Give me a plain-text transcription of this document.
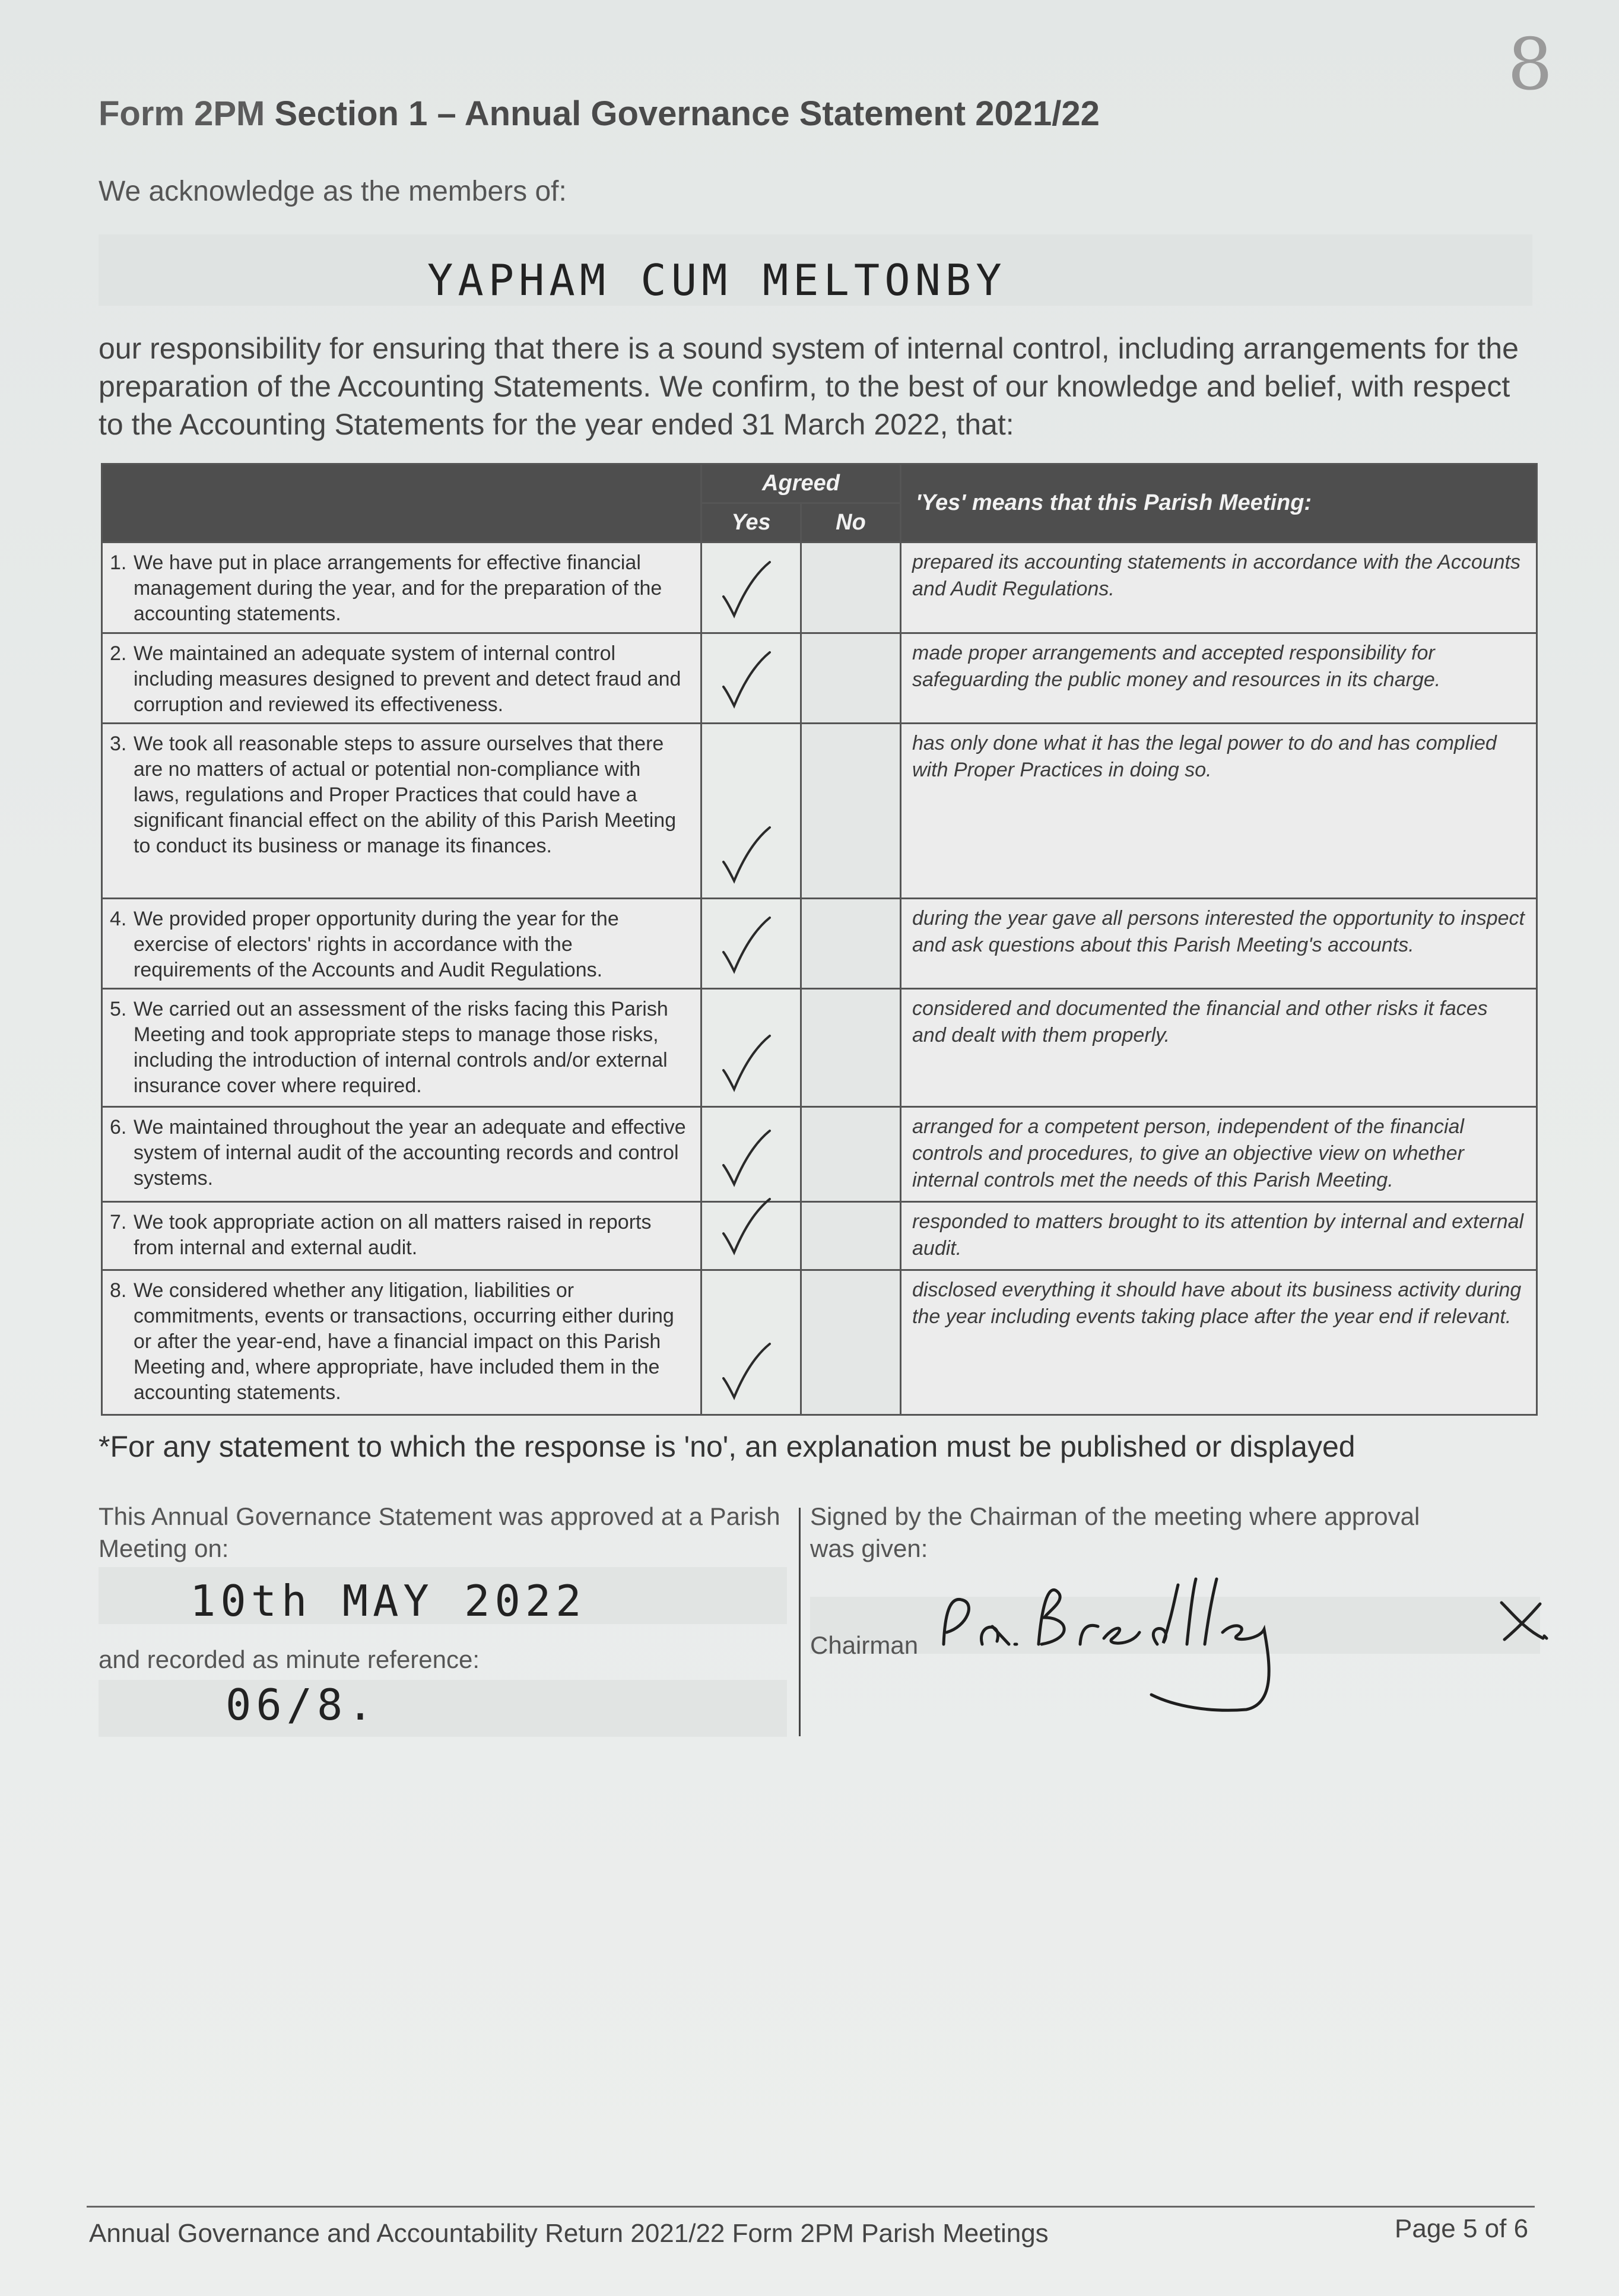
8
Form 2PM Section 1 – Annual Governance Statement 2021/22
We acknowledge as the members of:
YAPHAM CUM MELTONBY
our responsibility for ensuring that there is a sound system of internal control, including arrangements for the preparation of the Accounting Statements. We confirm, to the best of our knowledge and belief, with respect to the Accounting Statements for the year ended 31 March 2022, that:
	Agreed		'Yes' means that this Parish Meeting:
	Yes	No	
1. We have put in place arrangements for effective financial management during the year, and for the preparation of the accounting statements.			prepared its accounting statements in accordance with the Accounts and Audit Regulations.
2. We maintained an adequate system of internal control including measures designed to prevent and detect fraud and corruption and reviewed its effectiveness.			made proper arrangements and accepted responsibility for safeguarding the public money and resources in its charge.
3. We took all reasonable steps to assure ourselves that there are no matters of actual or potential non-compliance with laws, regulations and Proper Practices that could have a significant financial effect on the ability of this Parish Meeting to conduct its business or manage its finances.			has only done what it has the legal power to do and has complied with Proper Practices in doing so.
4. We provided proper opportunity during the year for the exercise of electors' rights in accordance with the requirements of the Accounts and Audit Regulations.			during the year gave all persons interested the opportunity to inspect and ask questions about this Parish Meeting's accounts.
5. We carried out an assessment of the risks facing this Parish Meeting and took appropriate steps to manage those risks, including the introduction of internal controls and/or external insurance cover where required.			considered and documented the financial and other risks it faces and dealt with them properly.
6. We maintained throughout the year an adequate and effective system of internal audit of the accounting records and control systems.			arranged for a competent person, independent of the financial controls and procedures, to give an objective view on whether internal controls met the needs of this Parish Meeting.
7. We took appropriate action on all matters raised in reports from internal and external audit.			responded to matters brought to its attention by internal and external audit.
8. We considered whether any litigation, liabilities or commitments, events or transactions, occurring either during or after the year-end, have a financial impact on this Parish Meeting and, where appropriate, have included them in the accounting statements.			disclosed everything it should have about its business activity during the year including events taking place after the year end if relevant.
*For any statement to which the response is 'no', an explanation must be published or displayed
This Annual Governance Statement was approved at a Parish Meeting on:
10th MAY 2022
and recorded as minute reference:
06/8.
Signed by the Chairman of the meeting where approval was given:
Chairman
Annual Governance and Accountability Return 2021/22 Form 2PM Parish Meetings	Page 5 of 6
